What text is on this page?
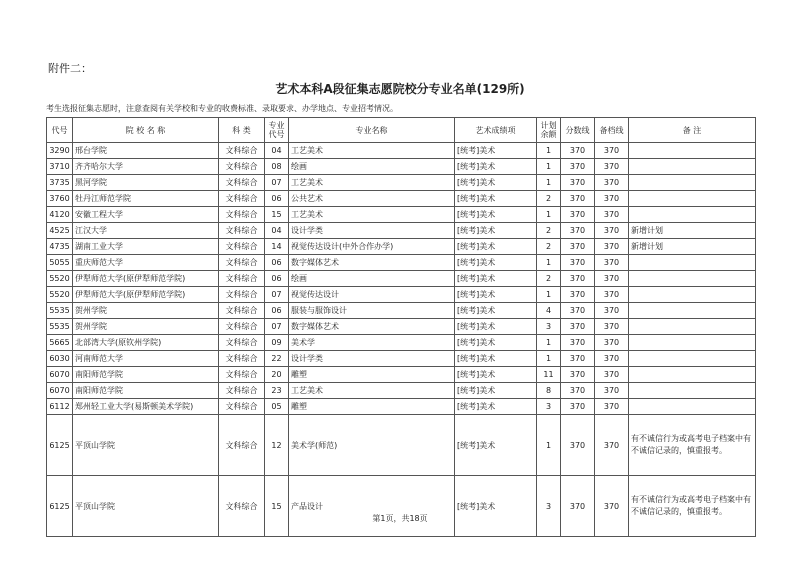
附件二：
艺术本科A段征集志愿院校分专业名单(129所)
考生选报征集志愿时，注意查阅有关学校和专业的收费标准、录取要求、办学地点、专业招考情况。
代号	院 校 名 称	科 类	专业代号	专业名称	艺术成绩项	计划余额	分数线	备档线	备 注
3290	邢台学院	文科综合	04	工艺美术	[统考]美术	1	370	370	
3710	齐齐哈尔大学	文科综合	08	绘画	[统考]美术	1	370	370	
3735	黑河学院	文科综合	07	工艺美术	[统考]美术	1	370	370	
3760	牡丹江师范学院	文科综合	06	公共艺术	[统考]美术	2	370	370	
4120	安徽工程大学	文科综合	15	工艺美术	[统考]美术	1	370	370	
4525	江汉大学	文科综合	04	设计学类	[统考]美术	2	370	370	新增计划
4735	湖南工业大学	文科综合	14	视觉传达设计(中外合作办学)	[统考]美术	2	370	370	新增计划
5055	重庆师范大学	文科综合	06	数字媒体艺术	[统考]美术	1	370	370	
5520	伊犁师范大学(原伊犁师范学院)	文科综合	06	绘画	[统考]美术	2	370	370	
5520	伊犁师范大学(原伊犁师范学院)	文科综合	07	视觉传达设计	[统考]美术	1	370	370	
5535	贺州学院	文科综合	06	服装与服饰设计	[统考]美术	4	370	370	
5535	贺州学院	文科综合	07	数字媒体艺术	[统考]美术	3	370	370	
5665	北部湾大学(原钦州学院)	文科综合	09	美术学	[统考]美术	1	370	370	
6030	河南师范大学	文科综合	22	设计学类	[统考]美术	1	370	370	
6070	南阳师范学院	文科综合	20	雕塑	[统考]美术	11	370	370	
6070	南阳师范学院	文科综合	23	工艺美术	[统考]美术	8	370	370	
6112	郑州轻工业大学(易斯顿美术学院)	文科综合	05	雕塑	[统考]美术	3	370	370	
6125	平顶山学院	文科综合	12	美术学(师范)	[统考]美术	1	370	370	有不诚信行为或高考电子档案中有不诚信记录的，慎重报考。
6125	平顶山学院	文科综合	15	产品设计	[统考]美术	3	370	370	有不诚信行为或高考电子档案中有不诚信记录的，慎重报考。
第1页，共18页
